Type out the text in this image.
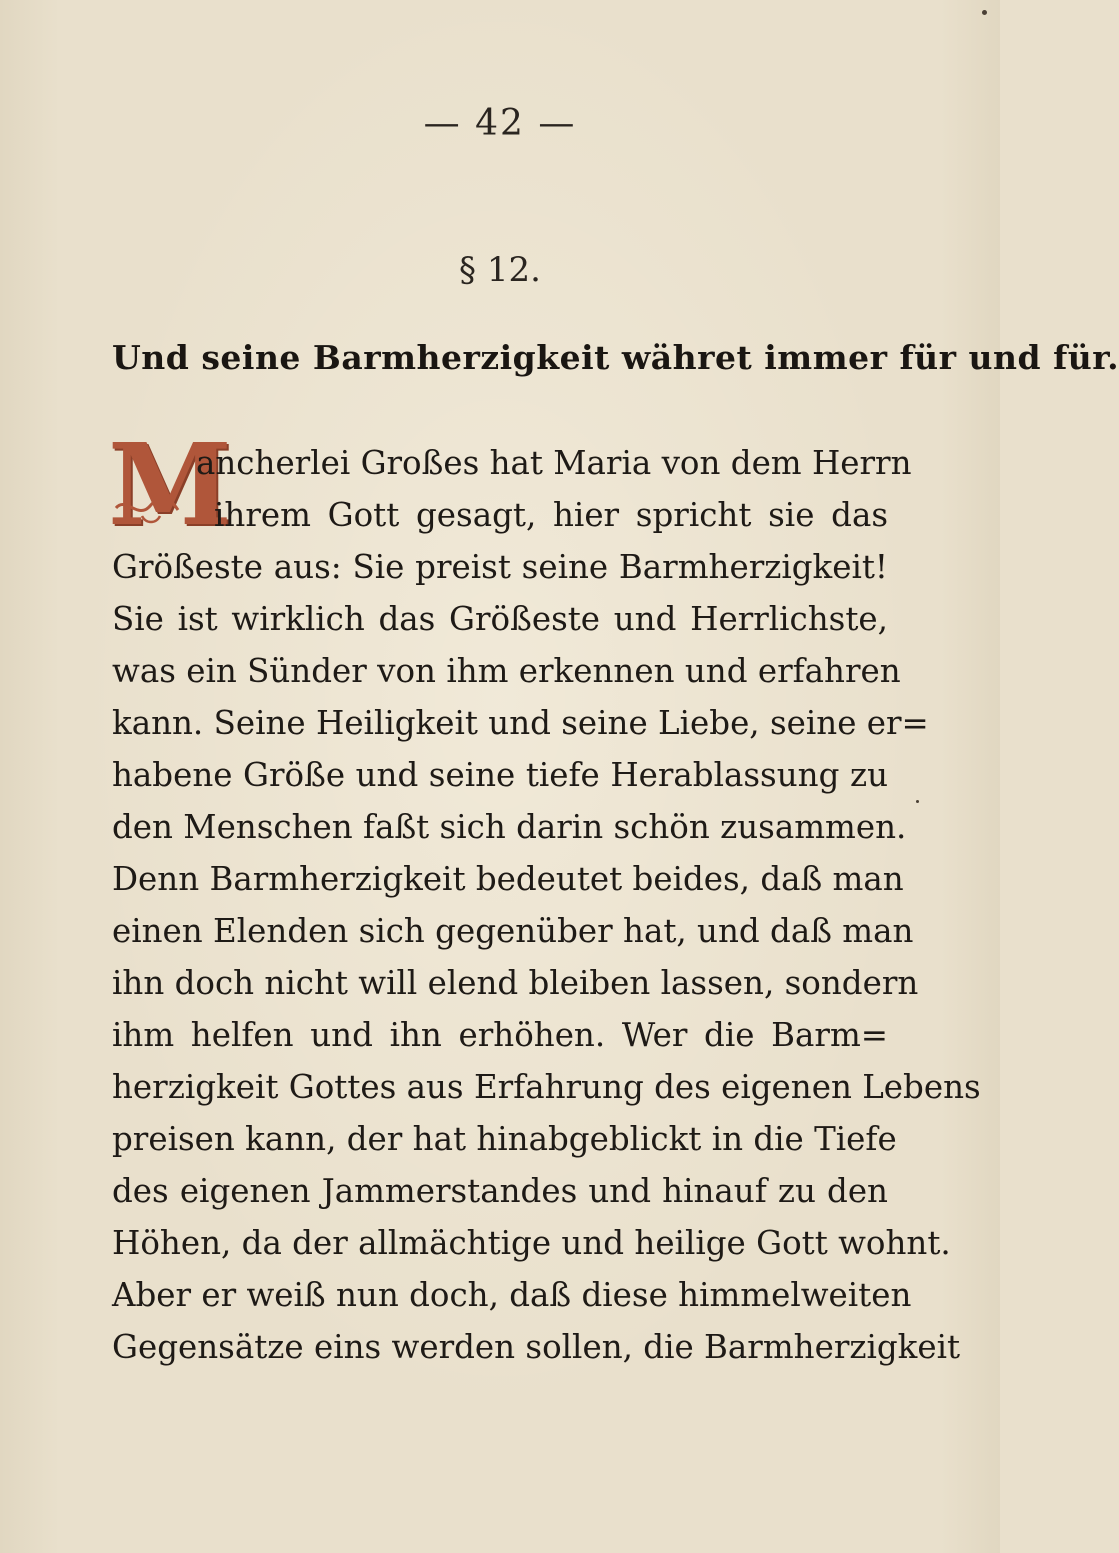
— 42 —
§ 12.
Und seine Barmherzigkeit währet immer für und für.
M
ancherlei Großes hat Maria von dem Herrn
ihrem Gott gesagt, hier spricht sie das
Größeste aus: Sie preist seine Barmherzigkeit!
Sie ist wirklich das Größeste und Herrlichste,
was ein Sünder von ihm erkennen und erfahren
kann. Seine Heiligkeit und seine Liebe, seine er=
habene Größe und seine tiefe Herablassung zu
den Menschen faßt sich darin schön zusammen.
Denn Barmherzigkeit bedeutet beides, daß man
einen Elenden sich gegenüber hat, und daß man
ihn doch nicht will elend bleiben lassen, sondern
ihm helfen und ihn erhöhen. Wer die Barm=
herzigkeit Gottes aus Erfahrung des eigenen Lebens
preisen kann, der hat hinabgeblickt in die Tiefe
des eigenen Jammerstandes und hinauf zu den
Höhen, da der allmächtige und heilige Gott wohnt.
Aber er weiß nun doch, daß diese himmelweiten
Gegensätze eins werden sollen, die Barmherzigkeit
